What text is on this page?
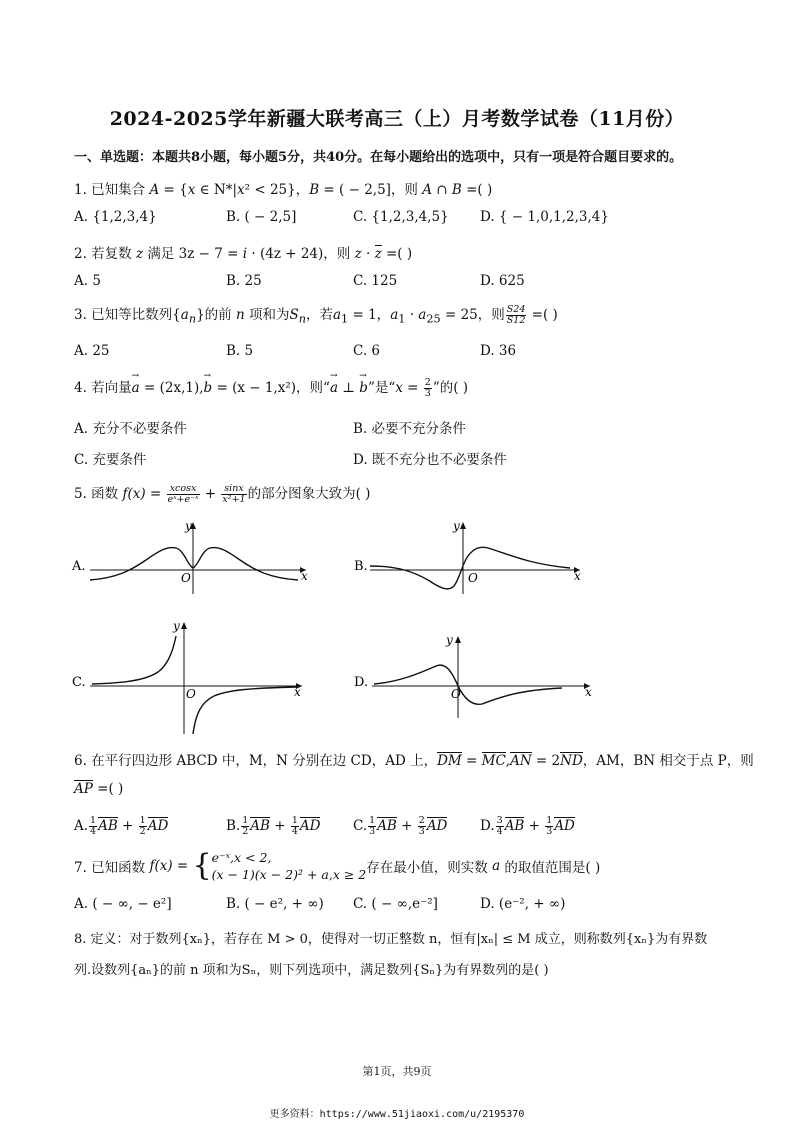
2024-2025学年新疆大联考高三（上）月考数学试卷（11月份）
一、单选题：本题共8小题，每小题5分，共40分。在每小题给出的选项中，只有一项是符合题目要求的。
1. 已知集合 A = {x ∈ N*|x² < 25}，B = ( − 2,5]，则 A ∩ B =( )
A. {1,2,3,4}	B. ( − 2,5]	C. {1,2,3,4,5} D. { − 1,0,1,2,3,4}
2. 若复数 z 满足 3z − 7 = i · (4z + 24)，则 z · z =( )
A. 5	B. 25	C. 125	D. 625
3. 已知等比数列$\{a_n\}$的前 n 项和为$S_n$，若$a_1 = 1$，$a_1 \cdot a_{25} = 25$，则 $\frac{S24}{S12}$ =( )
A. 25	B. 5	C. 6	D. 36
4. 若向量
→
a = (2x,1),
→
b = (x − 1,x²)，则“
→
a ⊥
→
b”是“$x = \frac{2}{3}$ ”的( )
A. 充分不必要条件	B. 必要不充分条件
C. 充要条件	D. 既不充分也不必要条件
5. 函数 $f(x) = \frac{xcosx}{\text{eˣ+e⁻ˣ}} + \frac{\sin x}{\text{x²+1}}$ 的部分图象大致为( )
A.
y
x
O
B.
y
x
O
C.
y
x
O
D.
y
x
O
6. 在平行四边形 ABCD 中，M，N 分别在边 CD，AD 上，DM = MC,AN = 2ND，AM，BN 相交于点 P，则
AP =( )
A. $\frac{1}{4}$ AB + $\frac{1}{2}$ AD	B. $\frac{1}{2}$ AB + $\frac{1}{4}$ AD C. $\frac{1}{3}$ AB + $\frac{2}{3}$ AD D. $\frac{3}{4}$ AB + $\frac{1}{3}$ AD
7. 已知函数 f(x) = { e⁻ˣ,x < 2,
(x − 1)(x − 2)² + a,x ≥ 2 存在最小值，则实数 a 的取值范围是( )
A. ( − ∞, − e²]	B. ( − e², + ∞) C. ( − ∞,e⁻²]	D. (e⁻², + ∞)
8. 定义：对于数列{xₙ}，若存在 M > 0，使得对一切正整数 n，恒有|xₙ| ≤ M 成立，则称数列{xₙ}为有界数
列.设数列{aₙ}的前 n 项和为Sₙ，则下列选项中，满足数列{Sₙ}为有界数列的是( )
第1页，共9页
更多资料：https://www.51jiaoxi.com/u/2195370
